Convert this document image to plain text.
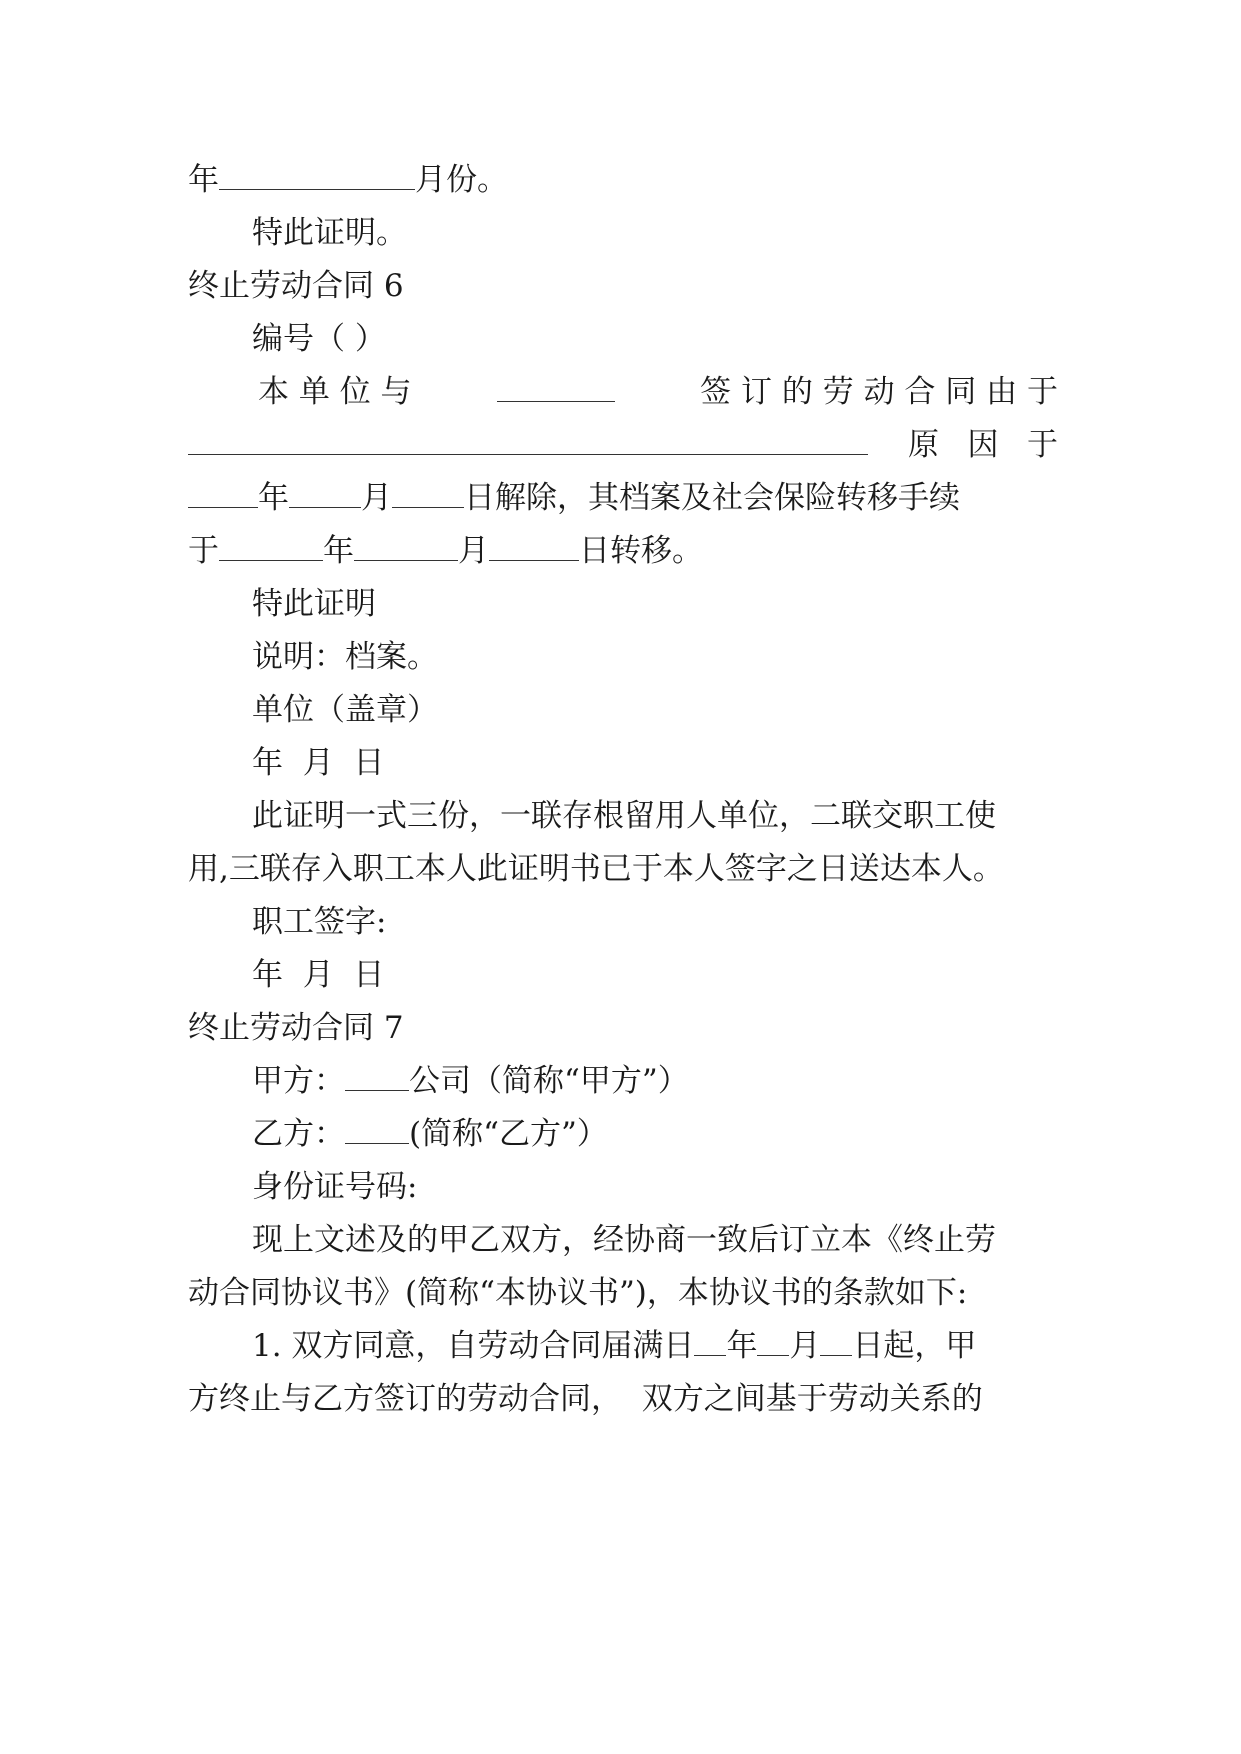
年	月份。
特此证明。
终止劳动合同 6
编号（ ）
本 单 位 与	签 订 的 劳 动 合 同 由 于
原 因 于
年 月 日解除，其档案及社会保险转移手续
于	年	月	日转移。
特此证明
说明：档案。
单位（盖章）
年  月  日
此证明一式三份，一联存根留用人单位，二联交职工使
用,三联存入职工本人此证明书已于本人签字之日送达本人。
职工签字:
年  月  日
终止劳动合同 7
甲方： 公司（简称“甲方”）
乙方： (简称“乙方”）
身份证号码:
现上文述及的甲乙双方，经协商一致后订立本《终止劳
动合同协议书》(简称“本协议书”)，本协议书的条款如下:
1. 双方同意，自劳动合同届满日 年 月 日起，甲
方终止与乙方签订的劳动合同，  双方之间基于劳动关系的
